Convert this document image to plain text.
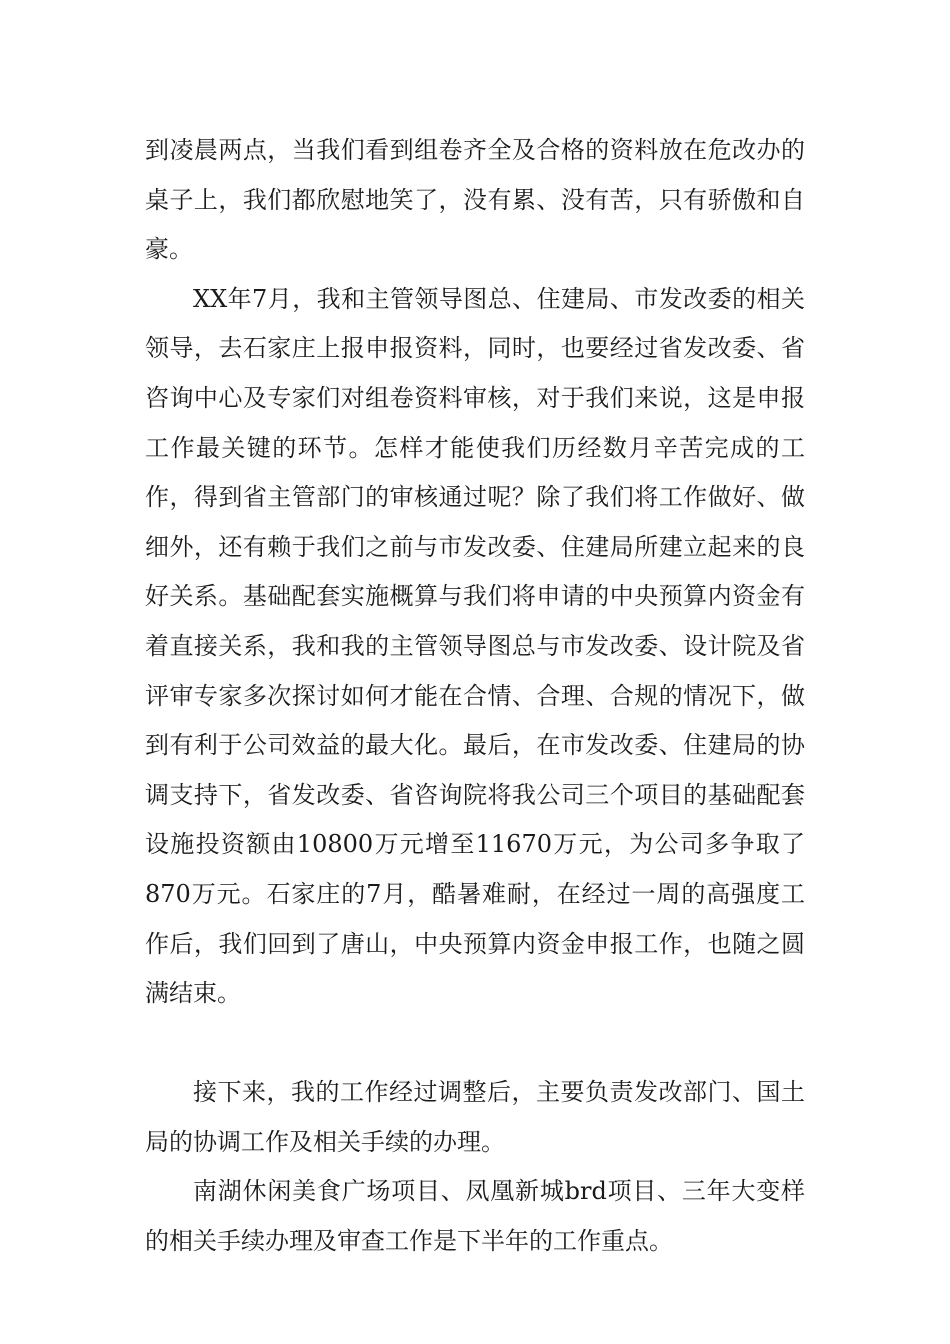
到凌晨两点，当我们看到组卷齐全及合格的资料放在危改办的桌子上，我们都欣慰地笑了，没有累、没有苦，只有骄傲和自豪。

XX年7月，我和主管领导图总、住建局、市发改委的相关领导，去石家庄上报申报资料，同时，也要经过省发改委、省咨询中心及专家们对组卷资料审核，对于我们来说，这是申报工作最关键的环节。怎样才能使我们历经数月辛苦完成的工作，得到省主管部门的审核通过呢？除了我们将工作做好、做细外，还有赖于我们之前与市发改委、住建局所建立起来的良好关系。基础配套实施概算与我们将申请的中央预算内资金有着直接关系，我和我的主管领导图总与市发改委、设计院及省评审专家多次探讨如何才能在合情、合理、合规的情况下，做到有利于公司效益的最大化。最后，在市发改委、住建局的协调支持下，省发改委、省咨询院将我公司三个项目的基础配套设施投资额由10800万元增至11670万元，为公司多争取了870万元。石家庄的7月，酷暑难耐，在经过一周的高强度工作后，我们回到了唐山，中央预算内资金申报工作，也随之圆满结束。

接下来，我的工作经过调整后，主要负责发改部门、国土局的协调工作及相关手续的办理。

南湖休闲美食广场项目、凤凰新城brd项目、三年大变样的相关手续办理及审查工作是下半年的工作重点。
